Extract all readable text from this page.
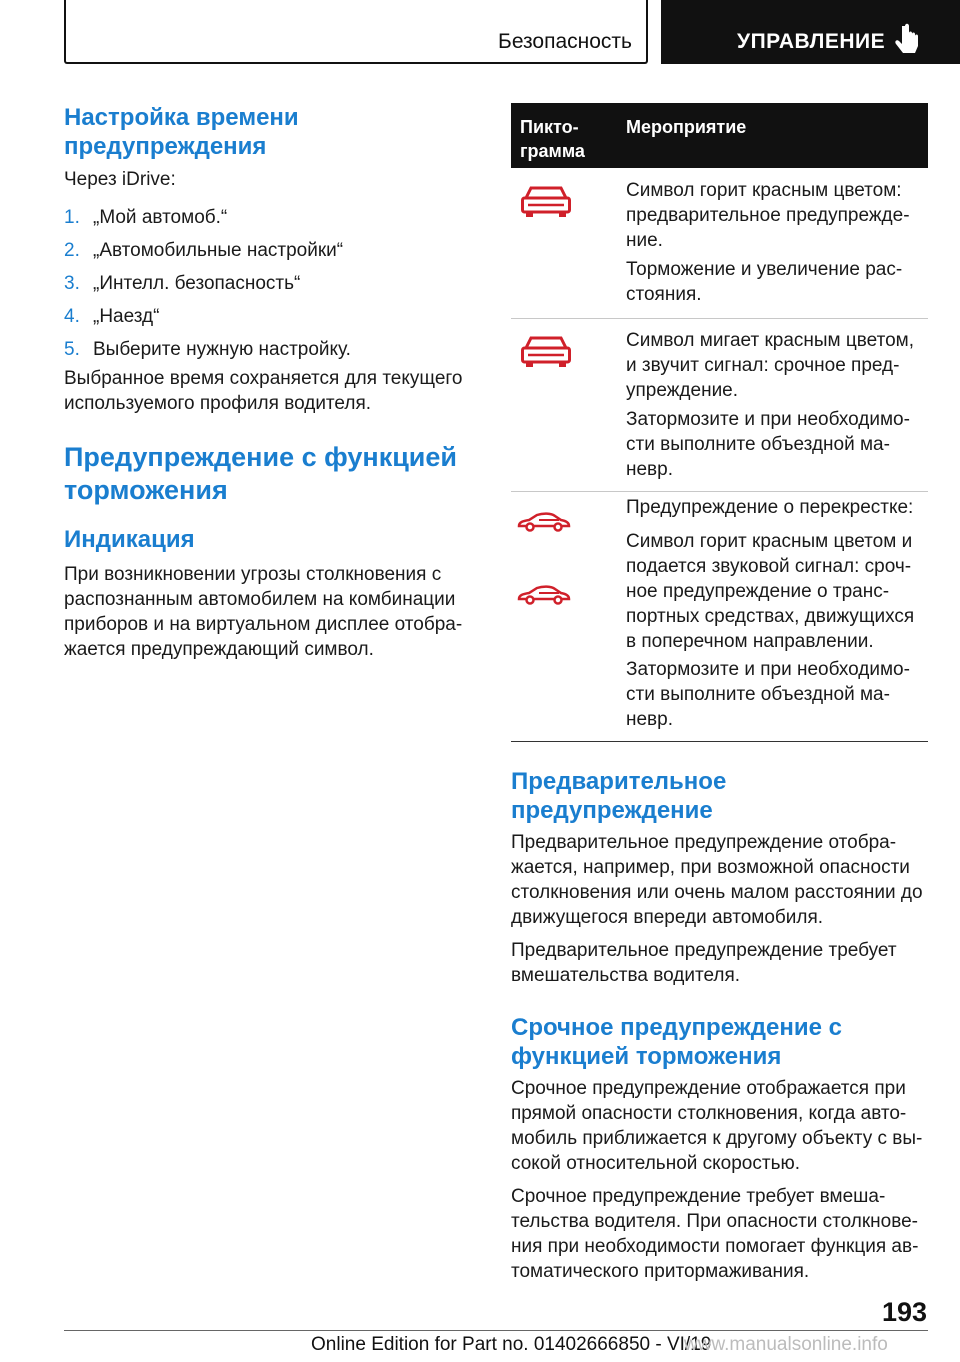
Безопасность	УПРАВЛЕНИЕ
Настройка времени предупреждения

Через iDrive:

1. „Мой автомоб.“
2. „Автомобильные настройки“
3. „Интелл. безопасность“
4. „Наезд“
5. Выберите нужную настройку.

Выбранное время сохраняется для текущего используемого профиля водителя.

Предупреждение с функцией торможения
Индикация

При возникновении угрозы столкновения с распознанным автомобилем на комбинации приборов и на виртуальном дисплее отобра-жается предупреждающий символ.

Пикто-грамма
Мероприятие

Символ горит красным цветом: предварительное предупрежде-ние.

Торможение и увеличение рас-стояния.

Символ мигает красным цветом, и звучит сигнал: срочное пред-упреждение.

Затормозите и при необходимо-сти выполните объездной ма-невр.

Предупреждение о перекрестке:

Символ горит красным цветом и подается звуковой сигнал: сроч-ное предупреждение о транс-портных средствах, движущихся в поперечном направлении.

Затормозите и при необходимо-сти выполните объездной ма-невр.

Предварительное предупреждение

Предварительное предупреждение отобра-жается, например, при возможной опасности столкновения или очень малом расстоянии до движущегося впереди автомобиля.

Предварительное предупреждение требует вмешательства водителя.

Срочное предупреждение с функцией торможения

Срочное предупреждение отображается при прямой опасности столкновения, когда авто-мобиль приближается к другому объекту с вы-сокой относительной скоростью.

Срочное предупреждение требует вмеша-тельства водителя. При опасности столкнове-ния при необходимости помогает функция ав-томатического притормаживания.

193
Online Edition for Part no. 01402666850 - VI/19
www.manualsonline.info
